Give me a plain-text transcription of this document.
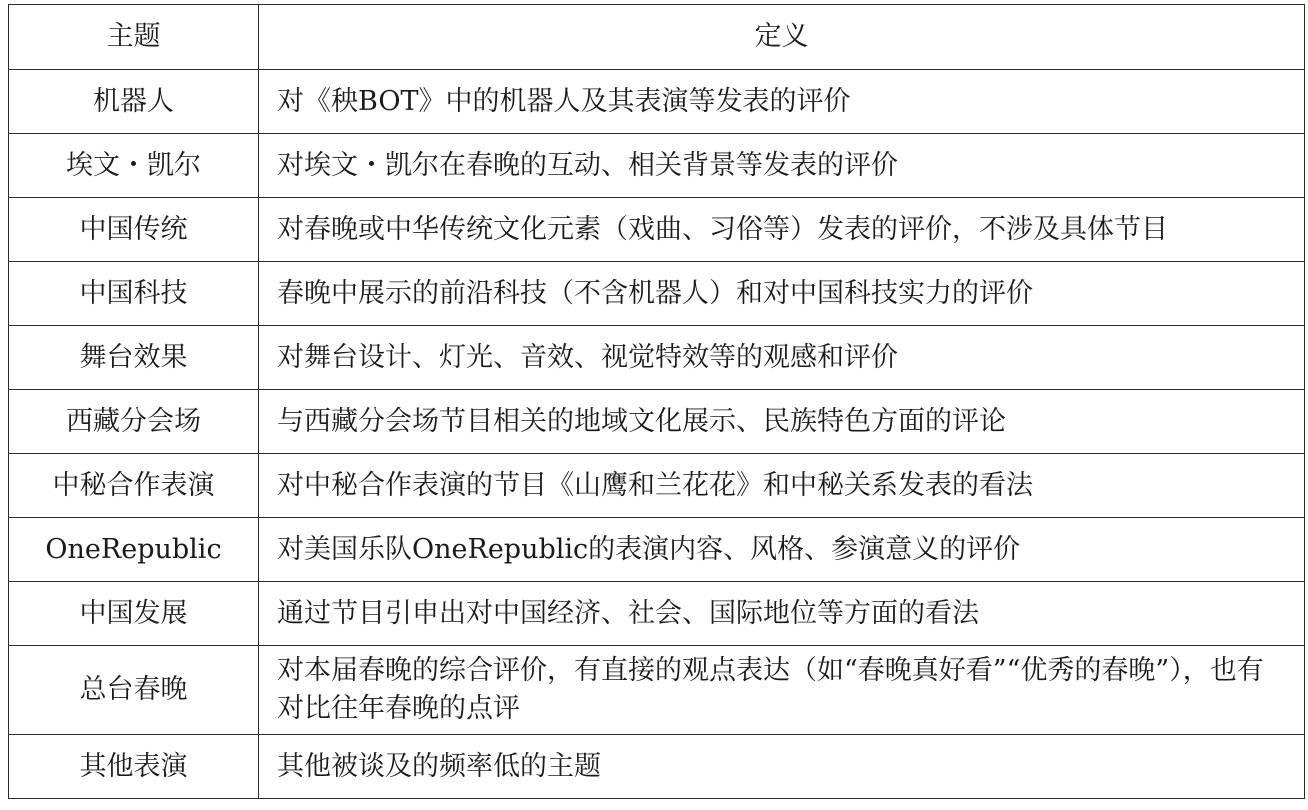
主题	定义
机器人	对《秧BOT》中的机器人及其表演等发表的评价
埃文・凯尔	对埃文・凯尔在春晚的互动、相关背景等发表的评价
中国传统	对春晚或中华传统文化元素（戏曲、习俗等）发表的评价，不涉及具体节目
中国科技	春晚中展示的前沿科技（不含机器人）和对中国科技实力的评价
舞台效果	对舞台设计、灯光、音效、视觉特效等的观感和评价
西藏分会场	与西藏分会场节目相关的地域文化展示、民族特色方面的评论
中秘合作表演	对中秘合作表演的节目《山鹰和兰花花》和中秘关系发表的看法
OneRepublic	对美国乐队OneRepublic的表演内容、风格、参演意义的评价
中国发展	通过节目引申出对中国经济、社会、国际地位等方面的看法
总台春晚	对本届春晚的综合评价，有直接的观点表达（如“春晚真好看”“优秀的春晚”），也有对比往年春晚的点评
其他表演	其他被谈及的频率低的主题
